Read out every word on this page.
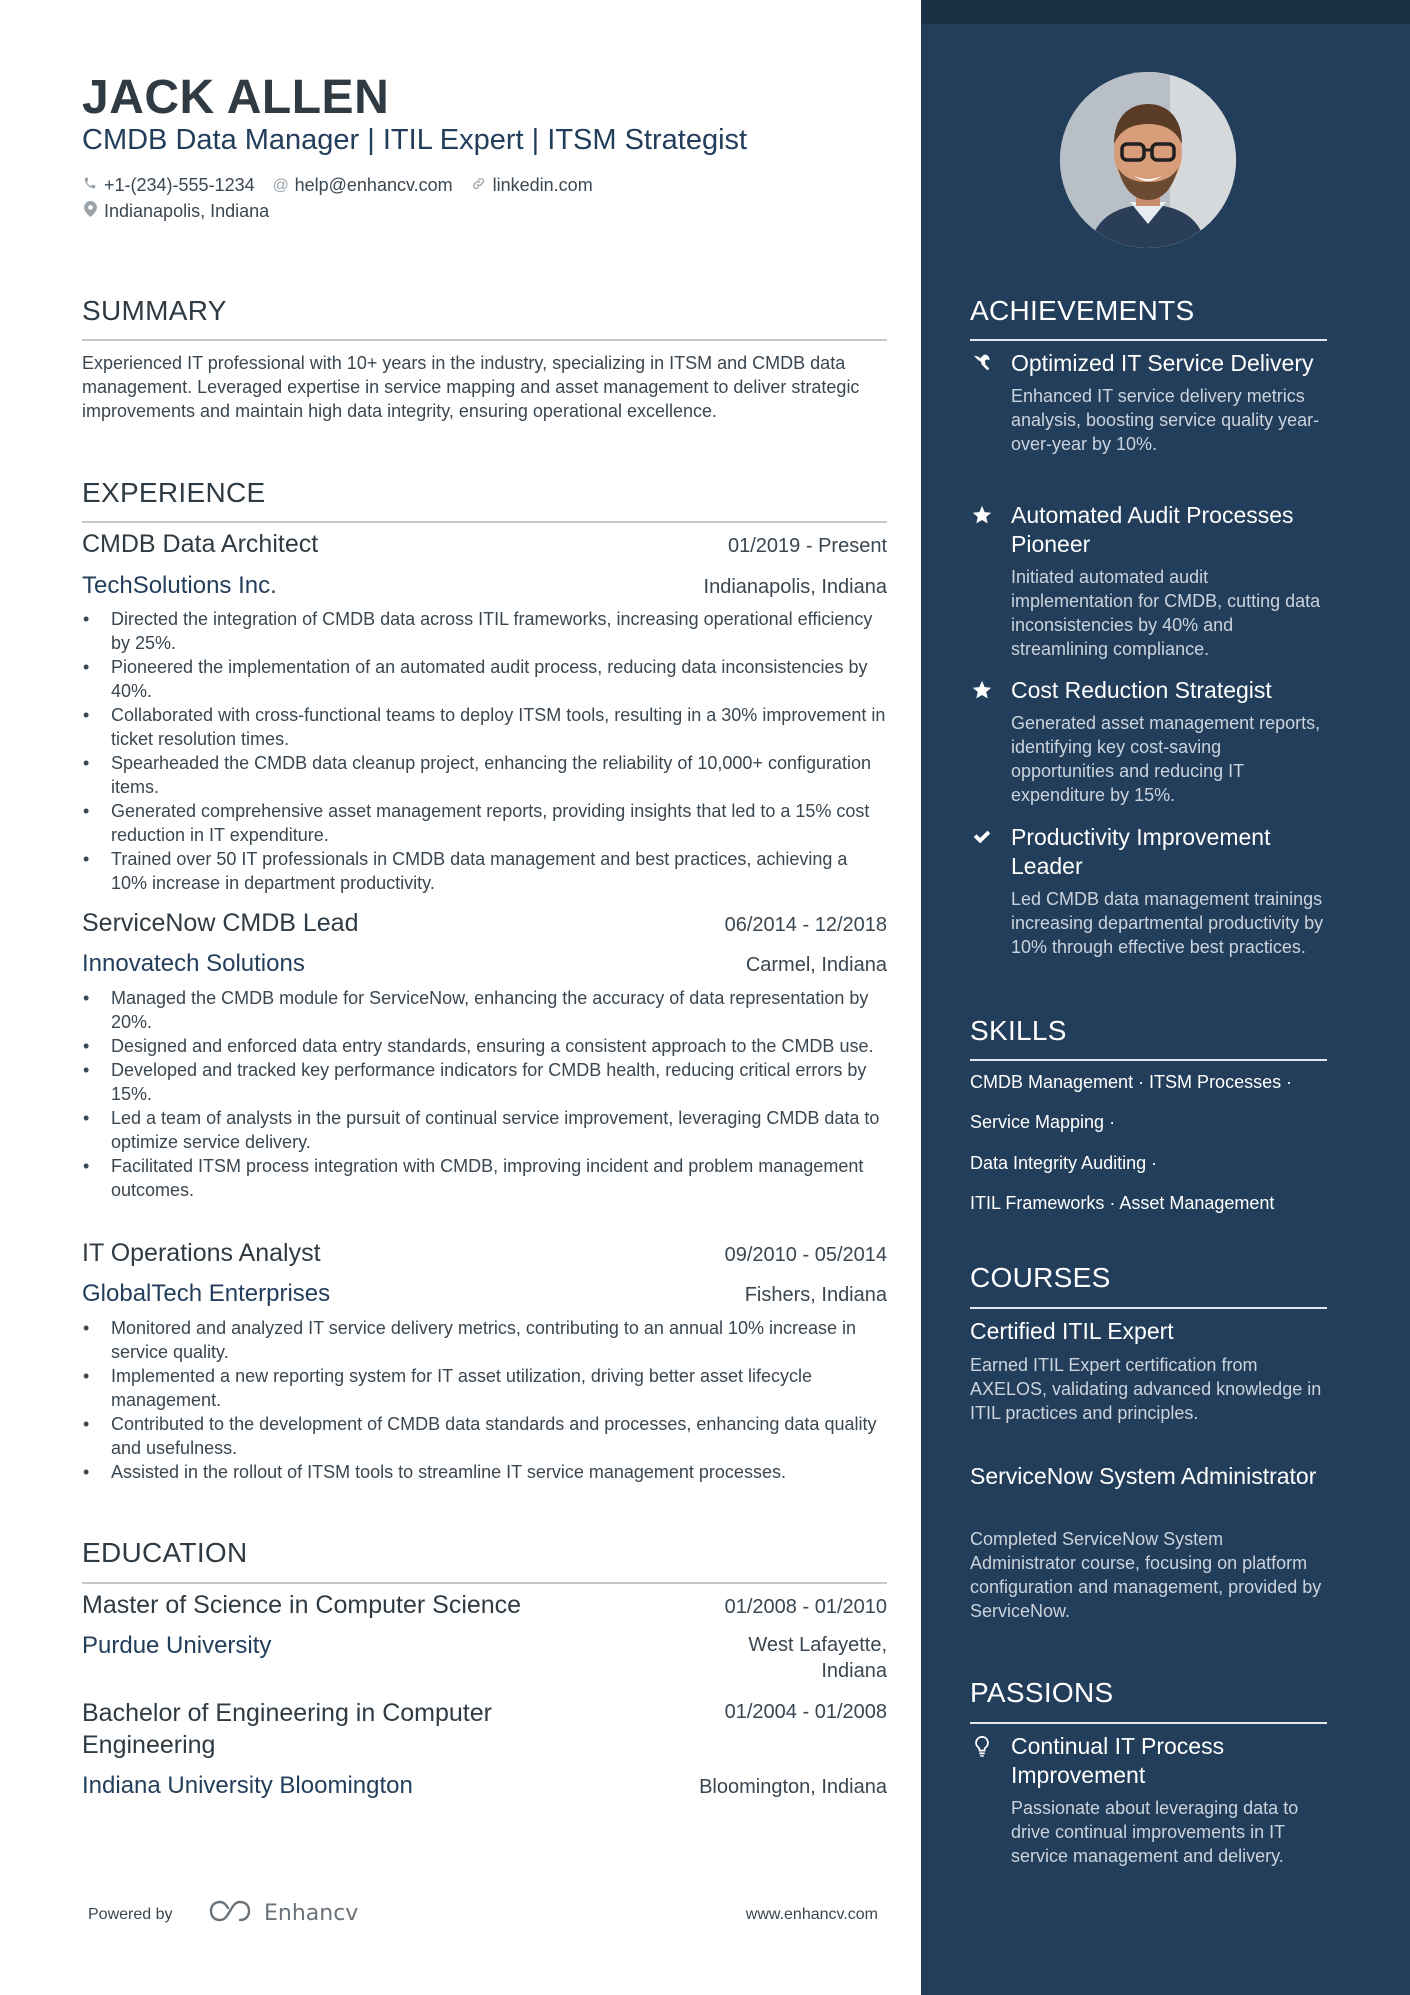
JACK ALLEN
CMDB Data Manager | ITIL Expert | ITSM Strategist
+1-(234)-555-1234 @ help@enhancv.com linkedin.com
Indianapolis, Indiana
SUMMARY
Experienced IT professional with 10+ years in the industry, specializing in ITSM and CMDB data management. Leveraged expertise in service mapping and asset management to deliver strategic improvements and maintain high data integrity, ensuring operational excellence.
EXPERIENCE
CMDB Data Architect	01/2019 - Present
TechSolutions Inc.	Indianapolis, Indiana
• Directed the integration of CMDB data across ITIL frameworks, increasing operational efficiency by 25%.
• Pioneered the implementation of an automated audit process, reducing data inconsistencies by 40%.
• Collaborated with cross-functional teams to deploy ITSM tools, resulting in a 30% improvement in ticket resolution times.
• Spearheaded the CMDB data cleanup project, enhancing the reliability of 10,000+ configuration items.
• Generated comprehensive asset management reports, providing insights that led to a 15% cost reduction in IT expenditure.
• Trained over 50 IT professionals in CMDB data management and best practices, achieving a 10% increase in department productivity.
ServiceNow CMDB Lead	06/2014 - 12/2018
Innovatech Solutions	Carmel, Indiana
• Managed the CMDB module for ServiceNow, enhancing the accuracy of data representation by 20%.
• Designed and enforced data entry standards, ensuring a consistent approach to the CMDB use.
• Developed and tracked key performance indicators for CMDB health, reducing critical errors by 15%.
• Led a team of analysts in the pursuit of continual service improvement, leveraging CMDB data to optimize service delivery.
• Facilitated ITSM process integration with CMDB, improving incident and problem management outcomes.
IT Operations Analyst	09/2010 - 05/2014
GlobalTech Enterprises	Fishers, Indiana
• Monitored and analyzed IT service delivery metrics, contributing to an annual 10% increase in service quality.
• Implemented a new reporting system for IT asset utilization, driving better asset lifecycle management.
• Contributed to the development of CMDB data standards and processes, enhancing data quality and usefulness.
• Assisted in the rollout of ITSM tools to streamline IT service management processes.
EDUCATION
Master of Science in Computer Science	01/2008 - 01/2010
Purdue University	West Lafayette,
Indiana
Bachelor of Engineering in Computer
Engineering
01/2004 - 01/2008
Indiana University Bloomington	Bloomington, Indiana
Powered by	Enhancv	www.enhancv.com
ACHIEVEMENTS
Optimized IT Service Delivery
Enhanced IT service delivery metrics analysis, boosting service quality year-over-year by 10%.
Automated Audit Processes Pioneer
Initiated automated audit implementation for CMDB, cutting data inconsistencies by 40% and streamlining compliance.
Cost Reduction Strategist
Generated asset management reports, identifying key cost-saving opportunities and reducing IT expenditure by 15%.
Productivity Improvement Leader
Led CMDB data management trainings increasing departmental productivity by 10% through effective best practices.
SKILLS
CMDB Management · ITSM Processes ·
Service Mapping ·
Data Integrity Auditing ·
ITIL Frameworks · Asset Management
COURSES
Certified ITIL Expert
Earned ITIL Expert certification from AXELOS, validating advanced knowledge in ITIL practices and principles.
ServiceNow System Administrator
Completed ServiceNow System Administrator course, focusing on platform configuration and management, provided by ServiceNow.
PASSIONS
Continual IT Process Improvement
Passionate about leveraging data to drive continual improvements in IT service management and delivery.
